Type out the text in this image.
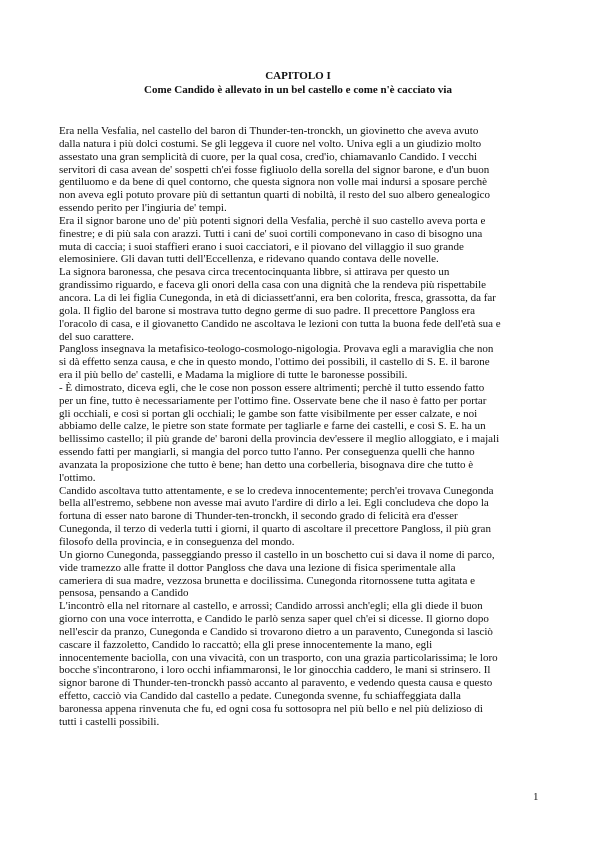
CAPITOLO I
Come Candido è allevato in un bel castello e come n'è cacciato via
Era nella Vesfalia, nel castello del baron di Thunder-ten-tronckh, un giovinetto che aveva avuto
dalla natura i più dolci costumi. Se gli leggeva il cuore nel volto. Univa egli a un giudizio molto
assestato una gran semplicità di cuore, per la qual cosa, cred'io, chiamavanlo Candido. I vecchi
servitori di casa avean de' sospetti ch'ei fosse figliuolo della sorella del signor barone, e d'un buon
gentiluomo e da bene di quel contorno, che questa signora non volle mai indursi a sposare perchè
non aveva egli potuto provare più di settantun quarti di nobiltà, il resto del suo albero genealogico
essendo perito per l'ingiuria de' tempi.
Era il signor barone uno de' più potenti signori della Vesfalia, perchè il suo castello aveva porta e
finestre; e di più sala con arazzi. Tutti i cani de' suoi cortili componevano in caso di bisogno una
muta di caccia; i suoi staffieri erano i suoi cacciatori, e il piovano del villaggio il suo grande
elemosiniere. Gli davan tutti dell'Eccellenza, e ridevano quando contava delle novelle.
La signora baronessa, che pesava circa trecentocinquanta libbre, si attirava per questo un
grandissimo riguardo, e faceva gli onori della casa con una dignità che la rendeva più rispettabile
ancora. La di lei figlia Cunegonda, in età di diciassett'anni, era ben colorita, fresca, grassotta, da far
gola. Il figlio del barone si mostrava tutto degno germe di suo padre. Il precettore Pangloss era
l'oracolo di casa, e il giovanetto Candido ne ascoltava le lezioni con tutta la buona fede dell'età sua e
del suo carattere.
Pangloss insegnava la metafisico-teologo-cosmologo-nigologia. Provava egli a maraviglia che non
si dà effetto senza causa, e che in questo mondo, l'ottimo dei possibili, il castello di S. E. il barone
era il più bello de' castelli, e Madama la migliore di tutte le baronesse possibili.
- È dimostrato, diceva egli, che le cose non posson essere altrimenti; perchè il tutto essendo fatto
per un fine, tutto è necessariamente per l'ottimo fine. Osservate bene che il naso è fatto per portar
gli occhiali, e così si portan gli occhiali; le gambe son fatte visibilmente per esser calzate, e noi
abbiamo delle calze, le pietre son state formate per tagliarle e farne dei castelli, e così S. E. ha un
bellissimo castello; il più grande de' baroni della provincia dev'essere il meglio alloggiato, e i majali
essendo fatti per mangiarli, si mangia del porco tutto l'anno. Per conseguenza quelli che hanno
avanzata la proposizione che tutto è bene; han detto una corbelleria, bisognava dire che tutto è
l'ottimo.
Candido ascoltava tutto attentamente, e se lo credeva innocentemente; perch'ei trovava Cunegonda
bella all'estremo, sebbene non avesse mai avuto l'ardire di dirlo a lei. Egli concludeva che dopo la
fortuna di esser nato barone di Thunder-ten-tronckh, il secondo grado di felicità era d'esser
Cunegonda, il terzo di vederla tutti i giorni, il quarto di ascoltare il precettore Pangloss, il più gran
filosofo della provincia, e in conseguenza del mondo.
Un giorno Cunegonda, passeggiando presso il castello in un boschetto cui si dava il nome di parco,
vide tramezzo alle fratte il dottor Pangloss che dava una lezione di fisica sperimentale alla
cameriera di sua madre, vezzosa brunetta e docilissima. Cunegonda ritornossene tutta agitata e
pensosa, pensando a Candido
L'incontrò ella nel ritornare al castello, e arrossì; Candido arrossì anch'egli; ella gli diede il buon
giorno con una voce interrotta, e Candido le parlò senza saper quel ch'ei si dicesse. Il giorno dopo
nell'escir da pranzo, Cunegonda e Candido si trovarono dietro a un paravento, Cunegonda si lasciò
cascare il fazzoletto, Candido lo raccattò; ella gli prese innocentemente la mano, egli
innocentemente baciolla, con una vivacità, con un trasporto, con una grazia particolarissima; le loro
bocche s'incontrarono, i loro occhi infiammaronsi, le lor ginocchia caddero, le mani si strinsero. Il
signor barone di Thunder-ten-tronckh passò accanto al paravento, e vedendo questa causa e questo
effetto, cacciò via Candido dal castello a pedate. Cunegonda svenne, fu schiaffeggiata dalla
baronessa appena rinvenuta che fu, ed ogni cosa fu sottosopra nel più bello e nel più delizioso di
tutti i castelli possibili.
1
